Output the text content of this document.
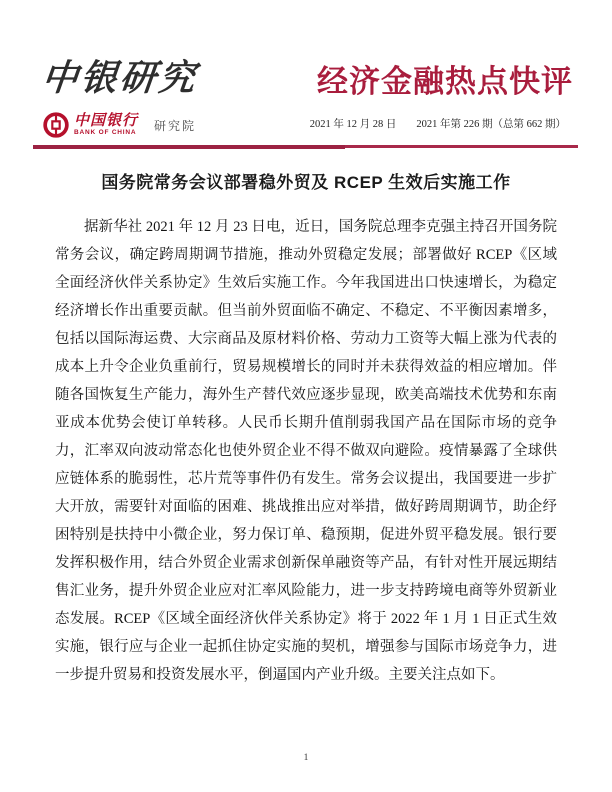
中银研究
中国银行
BANK OF CHINA
研究院
经济金融热点快评
2021 年 12 月 28 日 2021 年第 226 期（总第 662 期）
国务院常务会议部署稳外贸及 RCEP 生效后实施工作
据新华社 2021 年 12 月 23 日电，近日，国务院总理李克强主持召开国务院常务会议，确定跨周期调节措施，推动外贸稳定发展；部署做好 RCEP《区域全面经济伙伴关系协定》生效后实施工作。今年我国进出口快速增长，为稳定经济增长作出重要贡献。但当前外贸面临不确定、不稳定、不平衡因素增多，包括以国际海运费、大宗商品及原材料价格、劳动力工资等大幅上涨为代表的成本上升令企业负重前行，贸易规模增长的同时并未获得效益的相应增加。伴随各国恢复生产能力，海外生产替代效应逐步显现，欧美高端技术优势和东南亚成本优势会使订单转移。人民币长期升值削弱我国产品在国际市场的竞争力，汇率双向波动常态化也使外贸企业不得不做双向避险。疫情暴露了全球供应链体系的脆弱性，芯片荒等事件仍有发生。常务会议提出，我国要进一步扩大开放，需要针对面临的困难、挑战推出应对举措，做好跨周期调节，助企纾困特别是扶持中小微企业，努力保订单、稳预期，促进外贸平稳发展。银行要发挥积极作用，结合外贸企业需求创新保单融资等产品，有针对性开展远期结售汇业务，提升外贸企业应对汇率风险能力，进一步支持跨境电商等外贸新业态发展。RCEP《区域全面经济伙伴关系协定》将于 2022 年 1 月 1 日正式生效实施，银行应与企业一起抓住协定实施的契机，增强参与国际市场竞争力，进一步提升贸易和投资发展水平，倒逼国内产业升级。主要关注点如下。
1
